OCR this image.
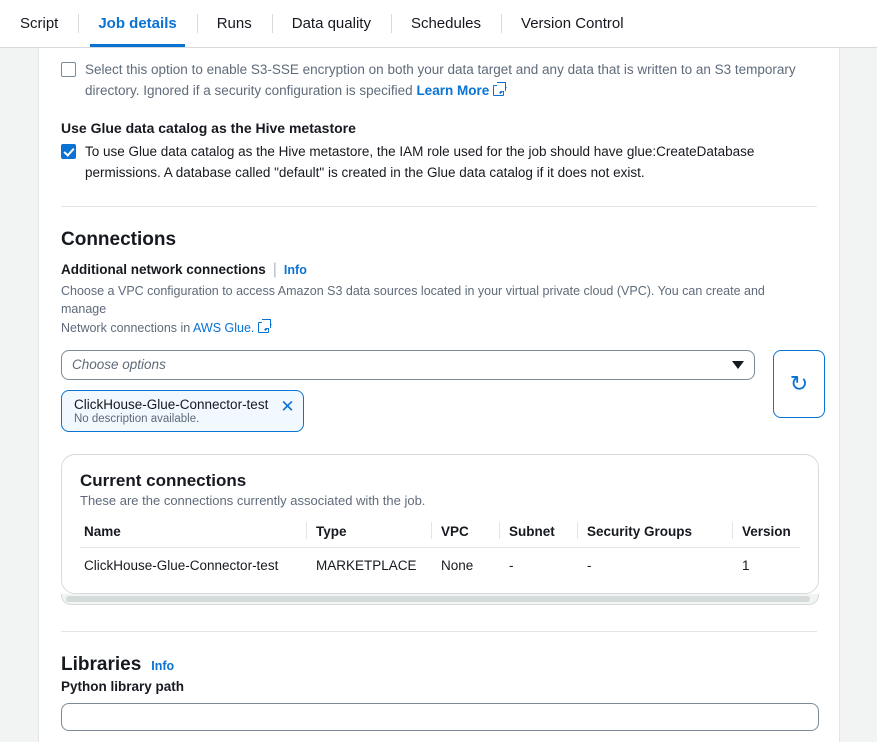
Script	Job details	Runs	Data quality	Schedules	Version Control
Select this option to enable S3-SSE encryption on both your data target and any data that is written to an S3 temporary directory. Ignored if a security configuration is specified Learn More
Use Glue data catalog as the Hive metastore
To use Glue data catalog as the Hive metastore, the IAM role used for the job should have glue:CreateDatabase permissions. A database called "default" is created in the Glue data catalog if it does not exist.
Connections
Additional network connections | Info
Choose a VPC configuration to access Amazon S3 data sources located in your virtual private cloud (VPC). You can create and manage
Network connections in AWS Glue.
Choose options
ClickHouse-Glue-Connector-test
No description available.
✕
↻
Current connections
These are the connections currently associated with the job.
Name	Type	VPC	Subnet	Security Groups	Version
ClickHouse-Glue-Connector-test	MARKETPLACE	None	-	-	1
Libraries Info
Python library path
